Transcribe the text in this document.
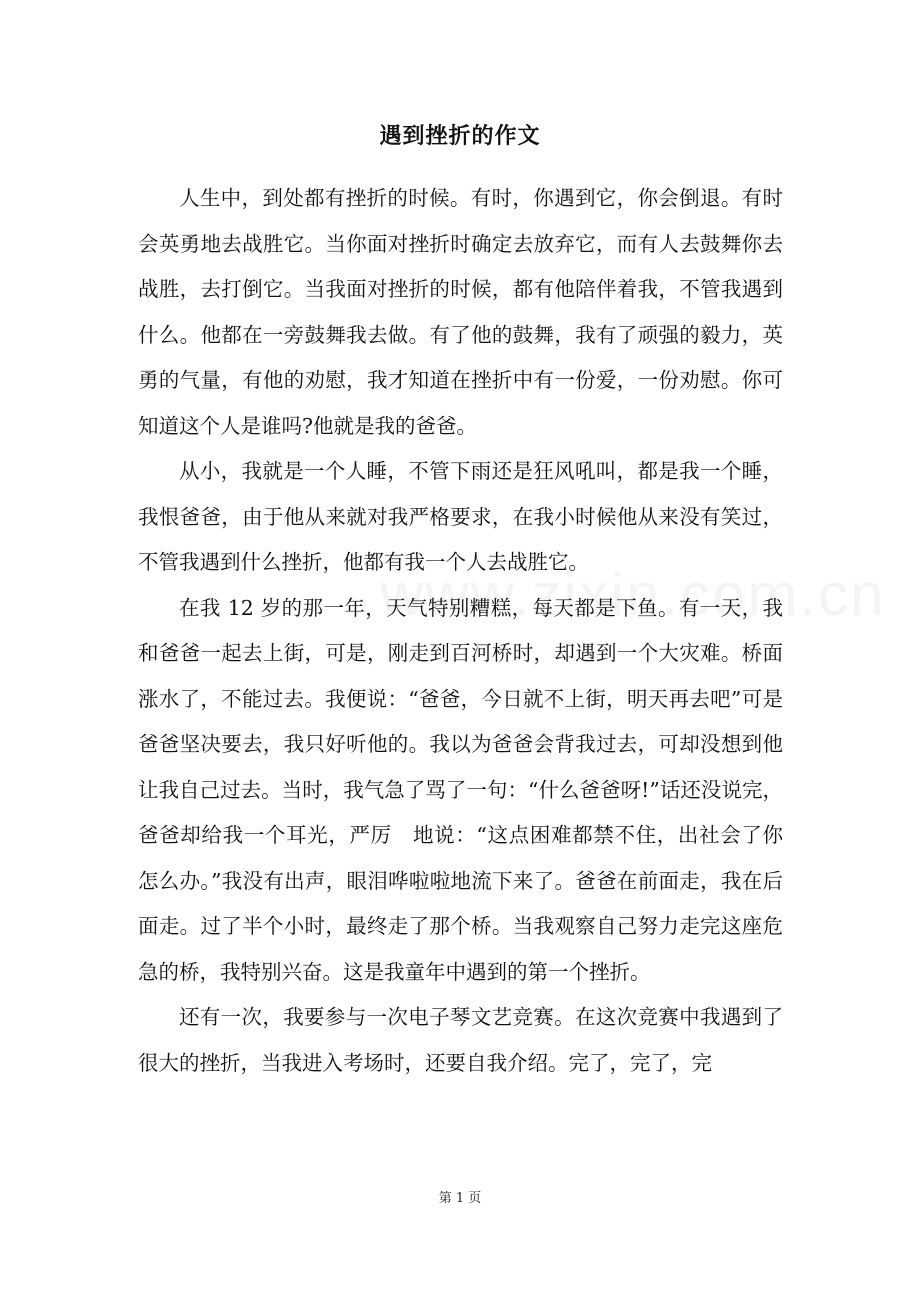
遇到挫折的作文

人生中，到处都有挫折的时候。有时，你遇到它，你会倒退。有时会英勇地去战胜它。当你面对挫折时确定去放弃它，而有人去鼓舞你去战胜，去打倒它。当我面对挫折的时候，都有他陪伴着我，不管我遇到什么。他都在一旁鼓舞我去做。有了他的鼓舞，我有了顽强的毅力，英勇的气量，有他的劝慰，我才知道在挫折中有一份爱，一份劝慰。你可知道这个人是谁吗?他就是我的爸爸。

从小，我就是一个人睡，不管下雨还是狂风吼叫，都是我一个睡，我恨爸爸，由于他从来就对我严格要求，在我小时候他从来没有笑过，不管我遇到什么挫折，他都有我一个人去战胜它。

在我 12 岁的那一年，天气特别糟糕，每天都是下鱼。有一天，我和爸爸一起去上街，可是，刚走到百河桥时，却遇到一个大灾难。桥面涨水了，不能过去。我便说：“爸爸，今日就不上街，明天再去吧”可是爸爸坚决要去，我只好听他的。我以为爸爸会背我过去，可却没想到他让我自己过去。当时，我气急了骂了一句：“什么爸爸呀!”话还没说完，爸爸却给我一个耳光，严厉　地说：“这点困难都禁不住，出社会了你怎么办。”我没有出声，眼泪哗啦啦地流下来了。爸爸在前面走，我在后面走。过了半个小时，最终走了那个桥。当我观察自己努力走完这座危急的桥，我特别兴奋。这是我童年中遇到的第一个挫折。

还有一次，我要参与一次电子琴文艺竞赛。在这次竞赛中我遇到了很大的挫折，当我进入考场时，还要自我介绍。完了，完了，完

第 1 页
